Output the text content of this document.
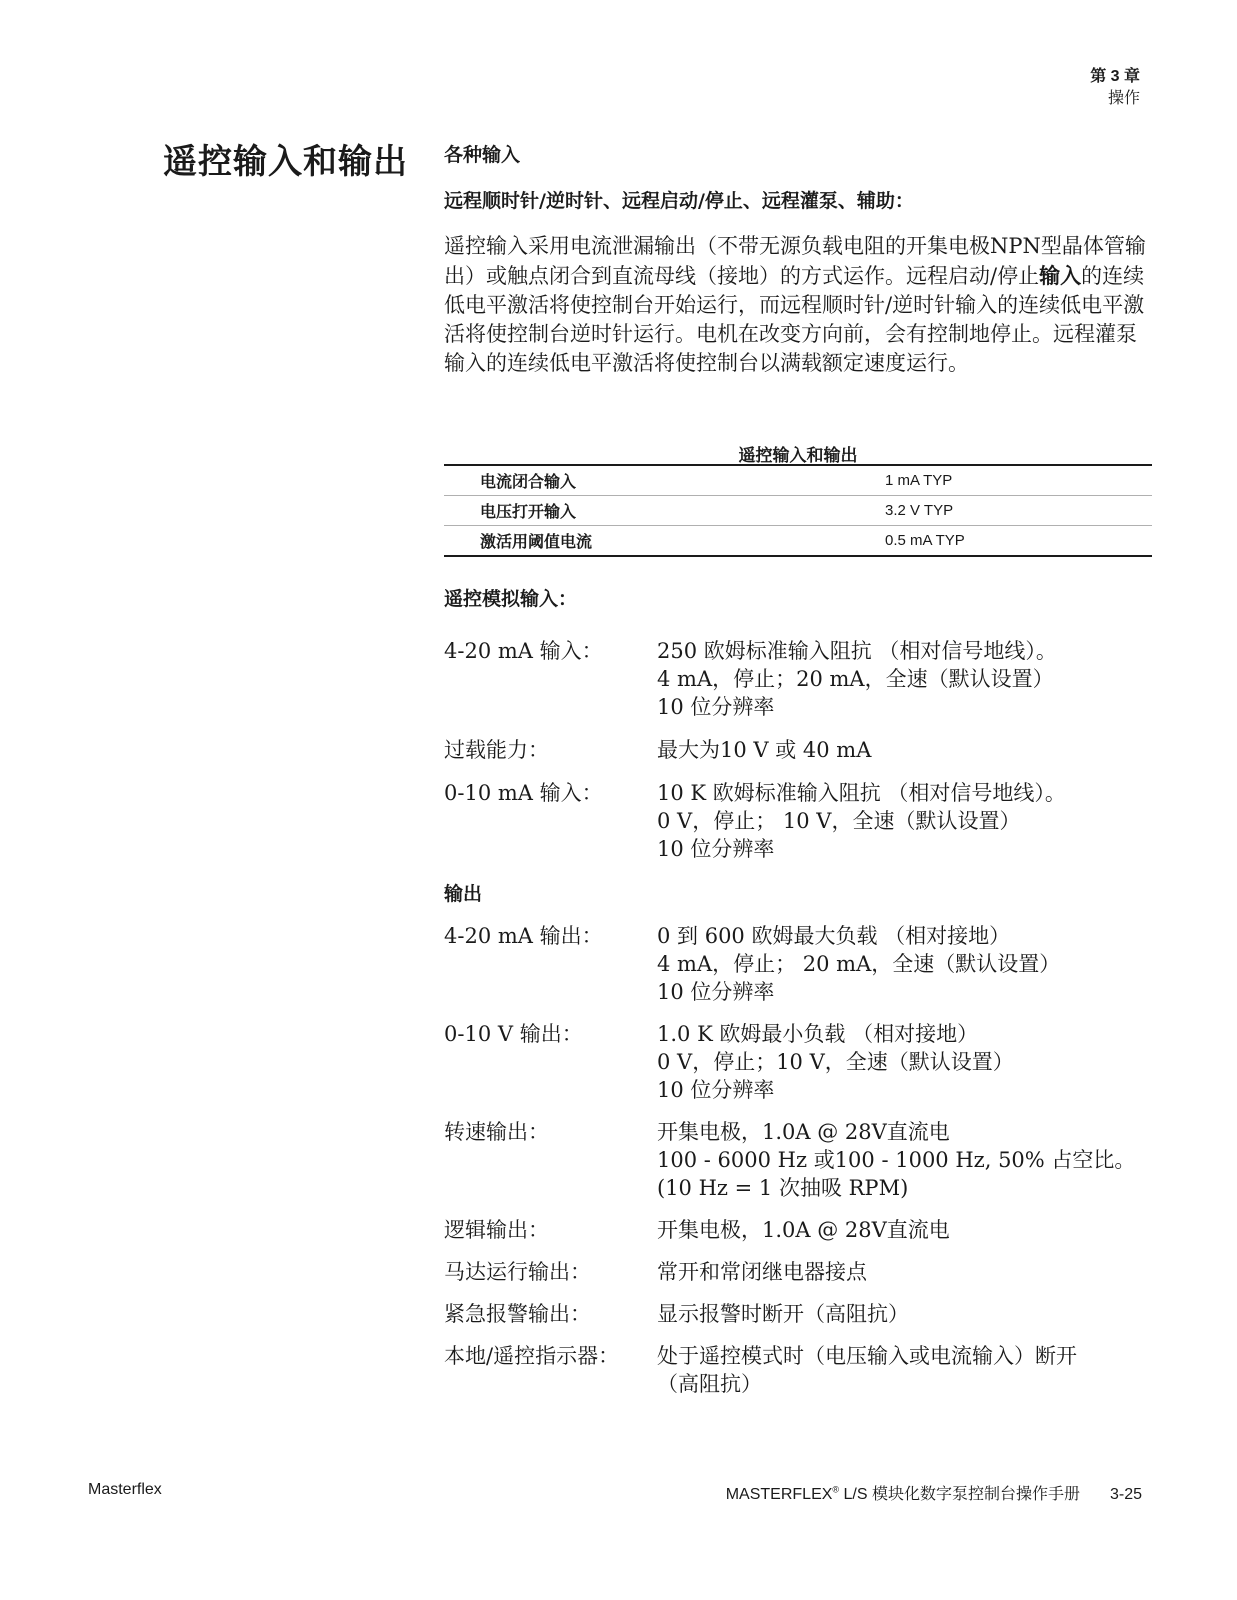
第 3 章
操作
遥控输入和输出 各种输入
远程顺时针/逆时针、远程启动/停止、远程灌泵、辅助：

遥控输入采用电流泄漏输出（不带无源负载电阻的开集电极NPN型晶体管输出）或触点闭合到直流母线（接地）的方式运作。远程启动/停止输入的连续低电平激活将使控制台开始运行，而远程顺时针/逆时针输入的连续低电平激活将使控制台逆时针运行。电机在改变方向前，会有控制地停止。远程灌泵输入的连续低电平激活将使控制台以满载额定速度运行。

遥控输入和输出
电流闭合输入	1 mA TYP
电压打开输入	3.2 V TYP
激活用阈值电流	0.5 mA TYP
遥控模拟输入：
4-20 mA 输入：	250 欧姆标准输入阻抗 （相对信号地线）。
4 mA，停止；20 mA，全速（默认设置）
10 位分辨率
过载能力：	最大为10 V 或 40 mA
0-10 mA 输入：	10 K 欧姆标准输入阻抗 （相对信号地线）。
0 V，停止； 10 V，全速（默认设置）
10 位分辨率
输出
4-20 mA 输出：	0 到 600 欧姆最大负载 （相对接地）
4 mA，停止； 20 mA，全速（默认设置）
10 位分辨率
0-10 V 输出：	1.0 K 欧姆最小负载 （相对接地）
0 V，停止；10 V，全速（默认设置）
10 位分辨率
转速输出：	开集电极，1.0A @ 28V直流电
100 - 6000 Hz 或100 - 1000 Hz, 50% 占空比。
(10 Hz = 1 次抽吸 RPM)
逻辑输出：	开集电极，1.0A @ 28V直流电
马达运行输出：	常开和常闭继电器接点
紧急报警输出：	显示报警时断开（高阻抗）
本地/遥控指示器：	处于遥控模式时（电压输入或电流输入）断开
（高阻抗）
Masterflex	MASTERFLEX® L/S 模块化数字泵控制台操作手册 3-25
